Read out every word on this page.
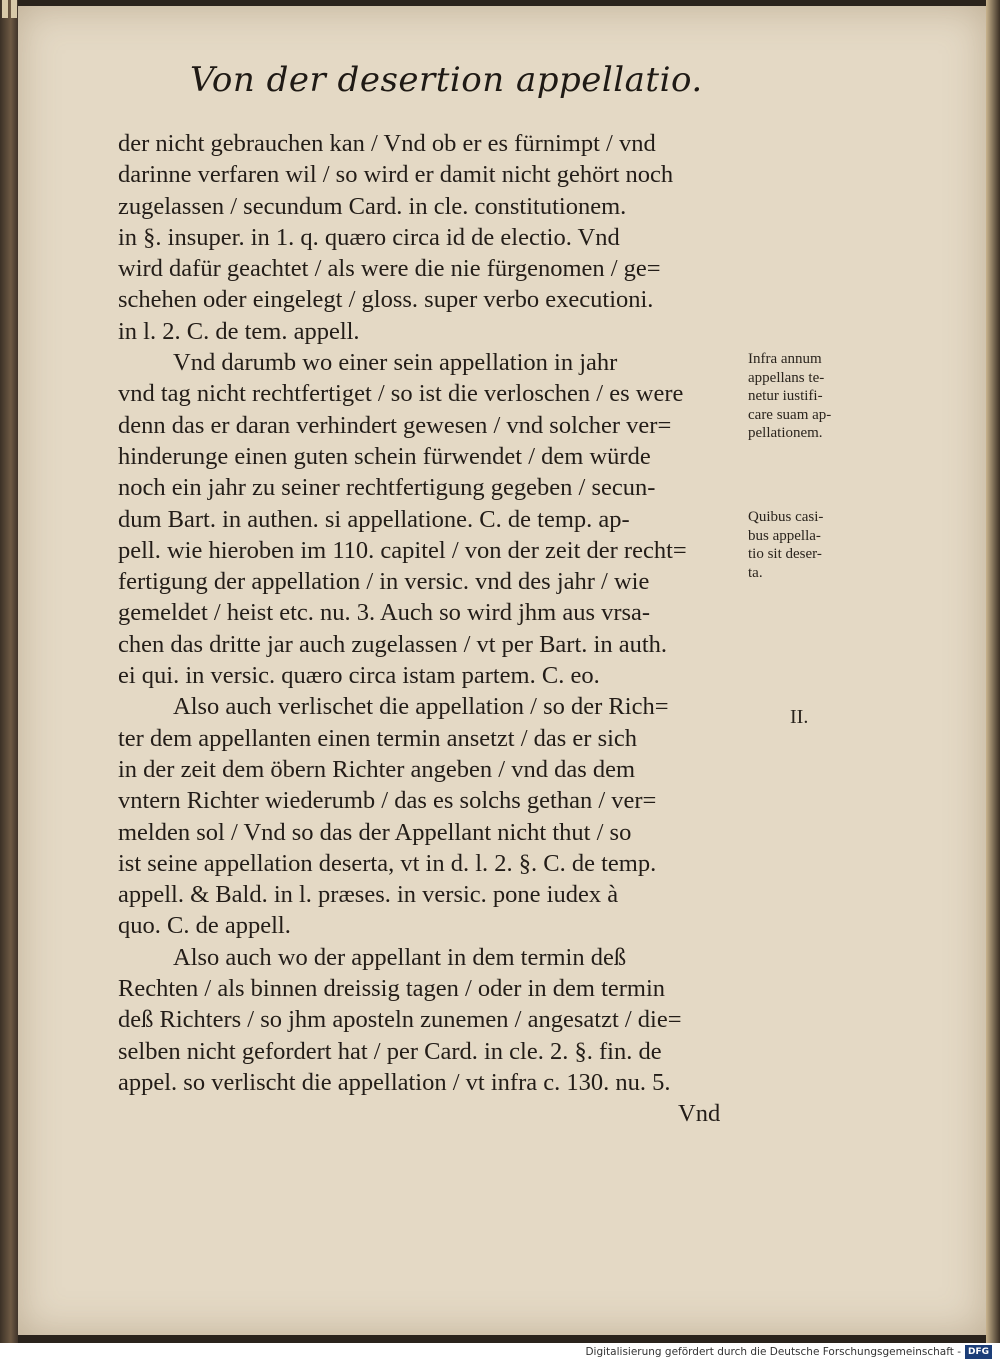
Von der desertion appellatio.
der nicht gebrauchen kan / Vnd ob er es fürnimpt / vnd
darinne verfaren wil / so wird er damit nicht gehört noch
zugelassen / secundum Card. in cle. constitutionem.
in §. insuper. in 1. q. quæro circa id de electio. Vnd
wird dafür geachtet / als were die nie fürgenomen / ge=
schehen oder eingelegt / gloss. super verbo executioni.
in l. 2. C. de tem. appell.
Vnd darumb wo einer sein appellation in jahr
vnd tag nicht rechtfertiget / so ist die verloschen / es were
denn das er daran verhindert gewesen / vnd solcher ver=
hinderunge einen guten schein fürwendet / dem würde
noch ein jahr zu seiner rechtfertigung gegeben / secun-
dum Bart. in authen. si appellatione. C. de temp. ap-
pell. wie hieroben im 110. capitel / von der zeit der recht=
fertigung der appellation / in versic. vnd des jahr / wie
gemeldet / heist etc. nu. 3. Auch so wird jhm aus vrsa-
chen das dritte jar auch zugelassen / vt per Bart. in auth.
ei qui. in versic. quæro circa istam partem. C. eo.
Also auch verlischet die appellation / so der Rich=
ter dem appellanten einen termin ansetzt / das er sich
in der zeit dem öbern Richter angeben / vnd das dem
vntern Richter wiederumb / das es solchs gethan / ver=
melden sol / Vnd so das der Appellant nicht thut / so
ist seine appellation deserta, vt in d. l. 2. §. C. de temp.
appell. & Bald. in l. præses. in versic. pone iudex à
quo. C. de appell.
Also auch wo der appellant in dem termin deß
Rechten / als binnen dreissig tagen / oder in dem termin
deß Richters / so jhm aposteln zunemen / angesatzt / die=
selben nicht gefordert hat / per Card. in cle. 2. §. fin. de
appel. so verlischt die appellation / vt infra c. 130. nu. 5.
Vnd
Infra annum
appellans te-
netur iustifi-
care suam ap-
pellationem.
Quibus casi-
bus appella-
tio sit deser-
ta.
II.
Digitalisierung gefördert durch die Deutsche Forschungsgemeinschaft - DFG
